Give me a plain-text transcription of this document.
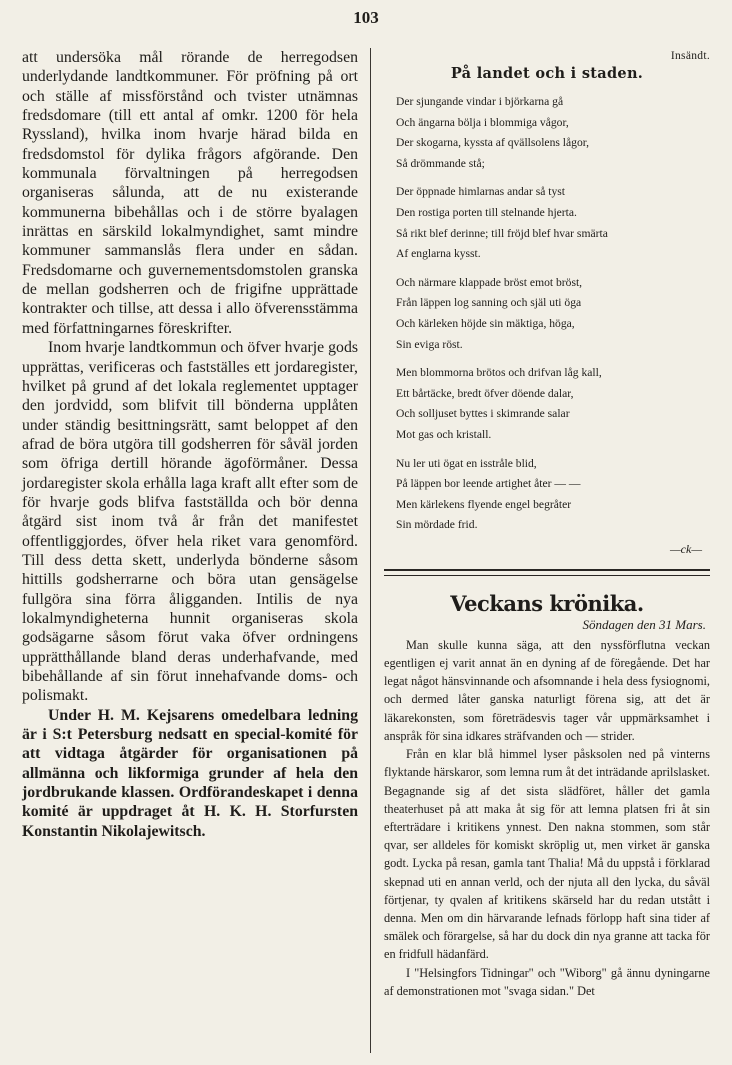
103

att undersöka mål rörande de herregodsen underlydande landtkommuner. För pröfning på ort och ställe af missförstånd och tvister utnämnas fredsdomare (till ett antal af omkr. 1200 för hela Ryssland), hvilka inom hvarje härad bilda en fredsdomstol för dylika frågors afgörande. Den kommunala förvaltningen på herregodsen organiseras sålunda, att de nu existerande kommunerna bibehållas och i de större byalagen inrättas en särskild lokalmyndighet, samt mindre kommuner sammanslås flera under en sådan. Fredsdomarne och guvernementsdomstolen granska de mellan godsherren och de frigifne upprättade kontrakter och tillse, att dessa i allo öfverensstämma med författningarnes föreskrifter.

Inom hvarje landtkommun och öfver hvarje gods upprättas, verificeras och fastställes ett jordaregister, hvilket på grund af det lokala reglementet upptager den jordvidd, som blifvit till bönderna upplåten under ständig besittningsrätt, samt beloppet af den afrad de böra utgöra till godsherren för såväl jorden som öfriga dertill hörande ägoförmåner. Dessa jordaregister skola erhålla laga kraft allt efter som de för hvarje gods blifva fastställda och bör denna åtgärd sist inom två år från det manifestet offentliggjordes, öfver hela riket vara genomförd. Till dess detta skett, underlyda bönderne såsom hittills godsherrarne och böra utan gensägelse fullgöra sina förra åligganden. Intilis de nya lokalmyndigheterna hunnit organiseras skola godsägarne såsom förut vaka öfver ordningens upprätthållande bland deras underhafvande, med bibehållande af sin förut innehafvande doms- och polismakt.

Under H. M. Kejsarens omedelbara ledning är i S:t Petersburg nedsatt en special-komité för att vidtaga åtgärder för organisationen på allmänna och likformiga grunder af hela den jordbrukande klassen. Ordförandeskapet i denna komité är uppdraget åt H. K. H. Storfursten Konstantin Nikolajewitsch.

Insändt.
På landet och i staden.
Der sjungande vindar i björkarna gå
Och ängarna bölja i blommiga vågor,
Der skogarna, kyssta af qvällsolens lågor,
Så drömmande stå;
Der öppnade himlarnas andar så tyst
Den rostiga porten till stelnande hjerta.
Så rikt blef derinne; till fröjd blef hvar smärta
Af englarna kysst.
Och närmare klappade bröst emot bröst,
Från läppen log sanning och själ uti öga
Och kärleken höjde sin mäktiga, höga,
Sin eviga röst.
Men blommorna brötos och drifvan låg kall,
Ett bårtäcke, bredt öfver döende dalar,
Och solljuset byttes i skimrande salar
Mot gas och kristall.
Nu ler uti ögat en isstråle blid,
På läppen bor leende artighet åter — —
Men kärlekens flyende engel begråter
Sin mördade frid.
—ck—
Veckans krönika.
Söndagen den 31 Mars.

Man skulle kunna säga, att den nyssförflutna veckan egentligen ej varit annat än en dyning af de föregående. Det har legat något hänsvinnande och afsomnande i hela dess fysiognomi, och dermed låter ganska naturligt förena sig, att det är läkarekonsten, som företrädesvis tager vår uppmärksamhet i anspråk för sina idkares sträfvanden och — strider.

Från en klar blå himmel lyser påsksolen ned på vinterns flyktande härskaror, som lemna rum åt det inträdande aprilslasket. Begagnande sig af det sista slädföret, håller det gamla theaterhuset på att maka åt sig för att lemna platsen fri åt sin efterträdare i kritikens ynnest. Den nakna stommen, som står qvar, ser alldeles för komiskt skröplig ut, men virket är ganska godt. Lycka på resan, gamla tant Thalia! Må du uppstå i förklarad skepnad uti en annan verld, och der njuta all den lycka, du såväl förtjenar, ty qvalen af kritikens skärseld har du redan utstått i denna. Men om din härvarande lefnads förlopp haft sina tider af smälek och förargelse, så har du dock din nya granne att tacka för en fridfull hädanfärd.

I "Helsingfors Tidningar" och "Wiborg" gå ännu dyningarne af demonstrationen mot "svaga sidan." Det
